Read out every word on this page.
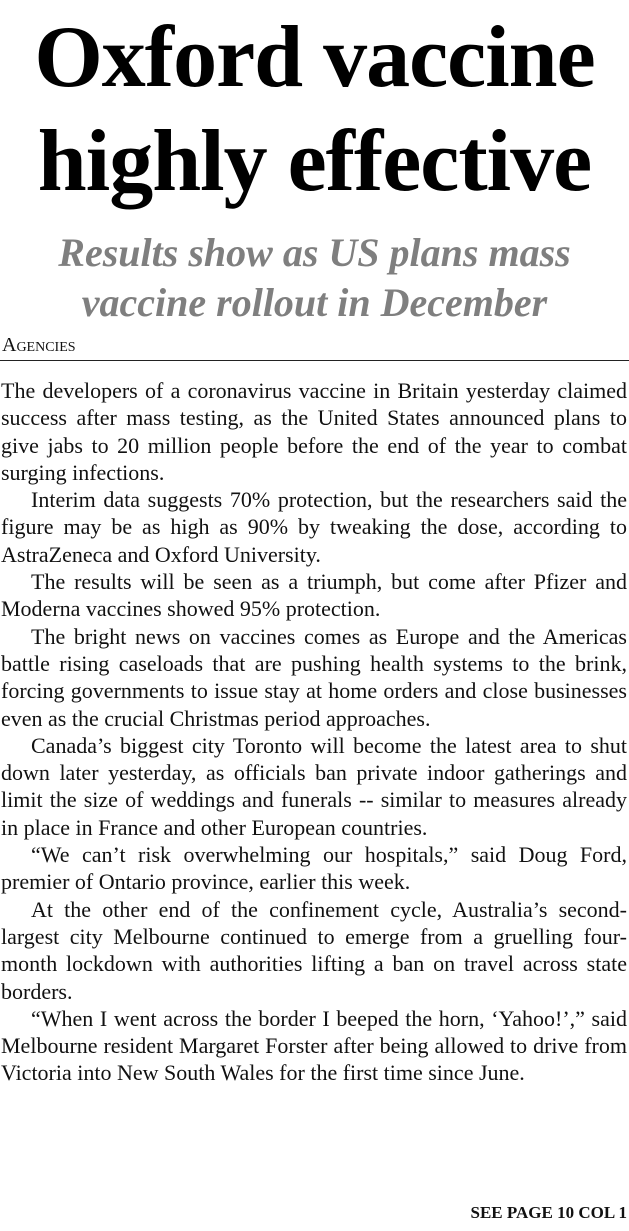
Oxford vaccine
highly effective
Results show as US plans mass
vaccine rollout in December
Agencies

The developers of a coronavirus vaccine in Britain yesterday claimed success after mass testing, as the United States announced plans to give jabs to 20 million people before the end of the year to combat surging infections.

Interim data suggests 70% protection, but the researchers said the figure may be as high as 90% by tweaking the dose, according to AstraZeneca and Oxford University.

The results will be seen as a triumph, but come after Pfizer and Moderna vaccines showed 95% protection.

The bright news on vaccines comes as Europe and the Americas battle rising caseloads that are pushing health systems to the brink, forcing governments to issue stay at home orders and close businesses even as the crucial Christmas period approaches.

Canada’s biggest city Toronto will become the latest area to shut down later yesterday, as officials ban private indoor gatherings and limit the size of weddings and funerals -- similar to measures already in place in France and other European countries.

“We can’t risk overwhelming our hospitals,” said Doug Ford, premier of Ontario province, earlier this week.

At the other end of the confinement cycle, Australia’s second-largest city Melbourne continued to emerge from a gruelling four-month lockdown with authorities lifting a ban on travel across state borders.

“When I went across the border I beeped the horn, ‘Yahoo!’,” said Melbourne resident Margaret Forster after being allowed to drive from Victoria into New South Wales for the first time since June.

SEE PAGE 10 COL 1
